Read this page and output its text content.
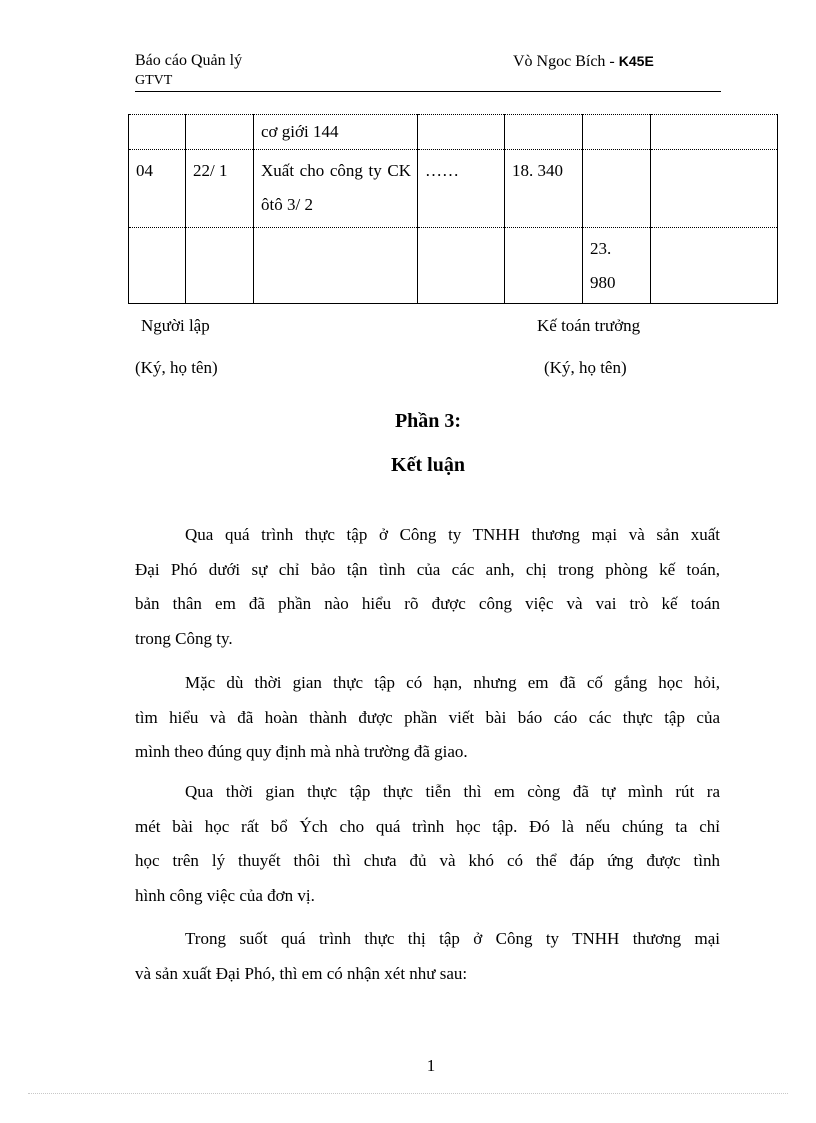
Báo cáo Quản lý
GTVT
Vò Ngoc Bích - K45E
		cơ giới 144				
04	22/ 1	Xuất cho công ty CK ôtô 3/ 2	……	18. 340		
					23. 980	
Người lập
(Ký, họ tên)
Kế toán trưởng
(Ký, họ tên)
Phần 3:
Kết luận
Qua quá trình thực tập ở Công ty TNHH thương mại và sản xuất
Đại Phó dưới sự chỉ bảo tận tình của các anh, chị trong phòng kế toán,
bản thân em đã phần nào hiểu rõ được công việc và vai trò kế toán
trong Công ty.
Mặc dù thời gian thực tập có hạn, nhưng em đã cố gắng học hỏi,
tìm hiểu và đã hoàn thành được phần viết bài báo cáo các thực tập của
mình theo đúng quy định mà nhà trường đã giao.
Qua thời gian thực tập thực tiễn thì em còng đã tự mình rút ra
mét bài học rất bổ Ých cho quá trình học tập. Đó là nếu chúng ta chỉ
học trên lý thuyết thôi thì chưa đủ và khó có thể đáp ứng được tình
hình công việc của đơn vị.
Trong suốt quá trình thực thị tập ở Công ty TNHH thương mại
và sản xuất Đại Phó, thì em có nhận xét như sau:
1
